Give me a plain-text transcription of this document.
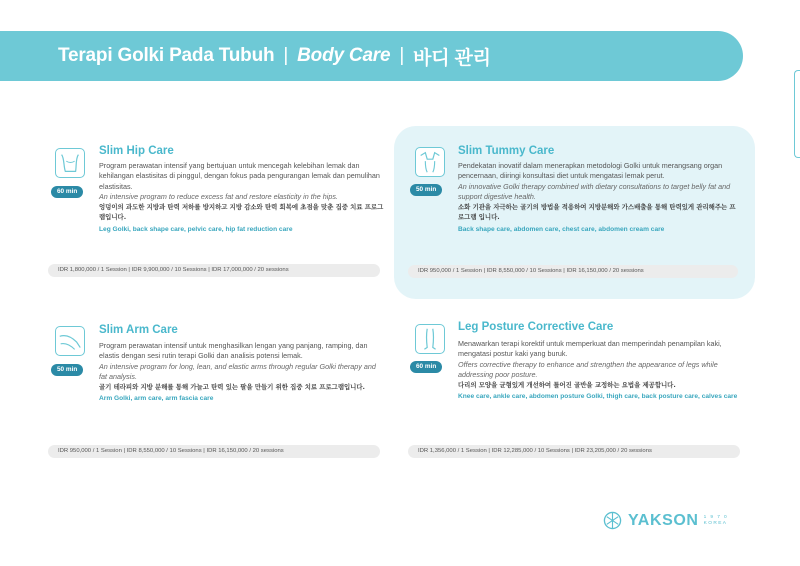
Terapi Golki Pada Tubuh | Body Care | 바디 관리
60 min
Slim Hip Care

Program perawatan intensif yang bertujuan untuk mencegah kelebihan lemak dan kehilangan elastisitas di pinggul, dengan fokus pada pengurangan lemak dan pemulihan elastisitas.

An intensive program to reduce excess fat and restore elasticity in the hips.

엉덩이의 과도한 지방과 탄력 저하를 방지하고 지방 감소와 탄력 회복에 초점을 맞춘 집중 치료 프로그램입니다.

Leg Golki, back shape care, pelvic care, hip fat reduction care

IDR 1,800,000 / 1 Session | IDR 9,900,000 / 10 Sessions | IDR 17,000,000 / 20 sessions
50 min
Slim Tummy Care

Pendekatan inovatif dalam menerapkan metodologi Golki untuk merangsang organ pencernaan, diiringi konsultasi diet untuk mengatasi lemak perut.

An innovative Golki therapy combined with dietary consultations to target belly fat and support digestive health.

소화 기관을 자극하는 골기의 방법을 적용하여 지방분해와 가스배출을 통해 탄력있게 관리해주는 프로그램 입니다.

Back shape care, abdomen care, chest care, abdomen cream care

IDR 950,000 / 1 Session | IDR 8,550,000 / 10 Sessions | IDR 16,150,000 / 20 sessions
50 min
Slim Arm Care

Program perawatan intensif untuk menghasilkan lengan yang panjang, ramping, dan elastis dengan sesi rutin terapi Golki dan analisis potensi lemak.

An intensive program for long, lean, and elastic arms through regular Golki therapy and fat analysis.

골기 테라피와 지방 분해를 통해 가늘고 탄력 있는 팔을 만들기 위한 집중 치료 프로그램입니다.

Arm Golki, arm care, arm fascia care

IDR 950,000 / 1 Session | IDR 8,550,000 / 10 Sessions | IDR 16,150,000 / 20 sessions
60 min
Leg Posture Corrective Care

Menawarkan terapi korektif untuk memperkuat dan memperindah penampilan kaki, mengatasi postur kaki yang buruk.

Offers corrective therapy to enhance and strengthen the appearance of legs while addressing poor posture.

다리의 모양을 균형있게 개선하여 틀어진 골반을 교정하는 요법을 제공합니다.

Knee care, ankle care, abdomen posture Golki, thigh care, back posture care, calves care

IDR 1,356,000 / 1 Session | IDR 12,285,000 / 10 Sessions | IDR 23,205,000 / 20 sessions
YAKSON 1 9 7 0
KOREA
